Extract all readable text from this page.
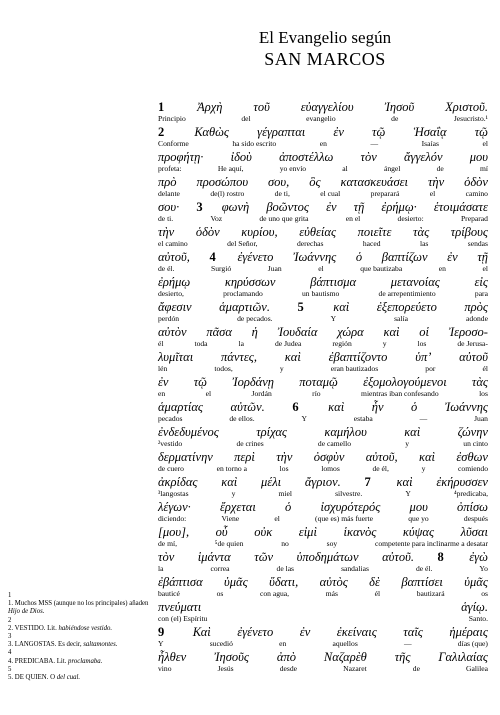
El Evangelio según
SAN MARCOS
1	Ἀρχὴ τοῦ εὐαγγελίου Ἰησοῦ Χριστοῦ.
Principio	del	evangelio	de	Jesucristo.¹
2 Καθὼς γέγραπται ἐν τῷ Ἡσαΐᾳ τῷ
Conforme	ha sido escrito	en	—	Isaías	el
προφήτῃ· ἰδοὺ ἀποστέλλω τὸν ἄγγελόν μου
profeta:	He aquí,	yo envío	al	ángel	de	mí
πρὸ προσώπου σου, ὃς κατασκευάσει τὴν ὁδὸν
delante	de(l) rostro	de ti,	el cual	preparará	el	camino
σου· 3 φωνὴ βοῶντος ἐν τῇ ἐρήμῳ· ἑτοιμάσατε
de ti.	Voz	de uno que grita	en el	desierto:	Preparad
τὴν ὁδὸν κυρίου, εὐθείας ποιεῖτε τὰς τρίβους
el camino	del Señor,	derechas	haced	las	sendas
αὐτοῦ, 4 ἐγένετο Ἰωάννης ὁ βαπτίζων ἐν τῇ
de él.	Surgió	Juan	el	que bautizaba	en	el
ἐρήμῳ	κηρύσσων	βάπτισμα	μετανοίας	εἰς
desierto,	proclamando	un bautismo	de arrepentimiento	para
ἄφεσιν ἁμαρτιῶν. 5 καὶ ἐξεπορεύετο πρὸς
perdón	de pecados.	Y	salía	adonde
αὐτὸν πᾶσα ἡ Ἰουδαία χώρα καὶ οἱ Ἰεροσο-
él	toda	la	de Judea	región	y	los	de Jerusa-
λυμῖται πάντες, καὶ ἐβαπτίζοντο ὑπ’ αὐτοῦ
lén	todos,	y	eran bautizados	por	él
ἐν τῷ Ἰορδάνῃ ποταμῷ ἐξομολογούμενοι τὰς
en	el	Jordán	río	mientras iban confesando	los
ἁμαρτίας αὐτῶν. 6 καὶ ἦν ὁ Ἰωάννης
pecados	de ellos.	Y	estaba	—	Juan
ἐνδεδυμένος	τρίχας	καμήλου	καὶ	ζώνην
²vestido	de crines	de camello	y	un cinto
δερματίνην περὶ τὴν ὀσφὺν αὐτοῦ, καὶ ἐσθων
de cuero	en torno a	los	lomos	de él,	y	comiendo
ἀκρίδας καὶ μέλι ἄγριον. 7 καὶ ἐκήρυσσεν
³langostas	y	miel	silvestre.	Y	⁴predicaba,
λέγων· ἔρχεται ὁ ἰσχυρότερός μου ὀπίσω
diciendo:	Viene	el	(que es) más fuerte	que yo	después
[μου], οὗ οὐκ εἰμὶ ἱκανὸς κύψας λῦσαι
de mí,	⁵de quien	no	soy	competente para inclinarme a desatar
τὸν ἱμάντα τῶν ὑποδημάτων αὐτοῦ. 8 ἐγὼ
la	correa	de las	sandalias	de él.	Yo
ἐβάπτισα ὑμᾶς ὕδατι, αὐτὸς δὲ βαπτίσει ὑμᾶς
bauticé	os	con agua,	más	él	bautizará	os
πνεύματι	ἁγίῳ.
con (el) Espíritu	Santo.
9 Καὶ ἐγένετο ἐν ἐκείναις ταῖς ἡμέραις
Y	sucedió	en	aquellos	—	días (que)
ἦλθεν Ἰησοῦς ἀπὸ Ναζαρὲθ τῆς Γαλιλαίας
vino	Jesús	desde	Nazaret	de	Galilea
1
1. Muchos MSS (aunque no los principales) añaden Hijo de Dios.
2
2. VESTIDO. Lit. habiéndose vestido.
3
3. LANGOSTAS. Es decir, saltamontes.
4
4. PREDICABA. Lit. proclamaba.
5
5. DE QUIEN. O del cual.
